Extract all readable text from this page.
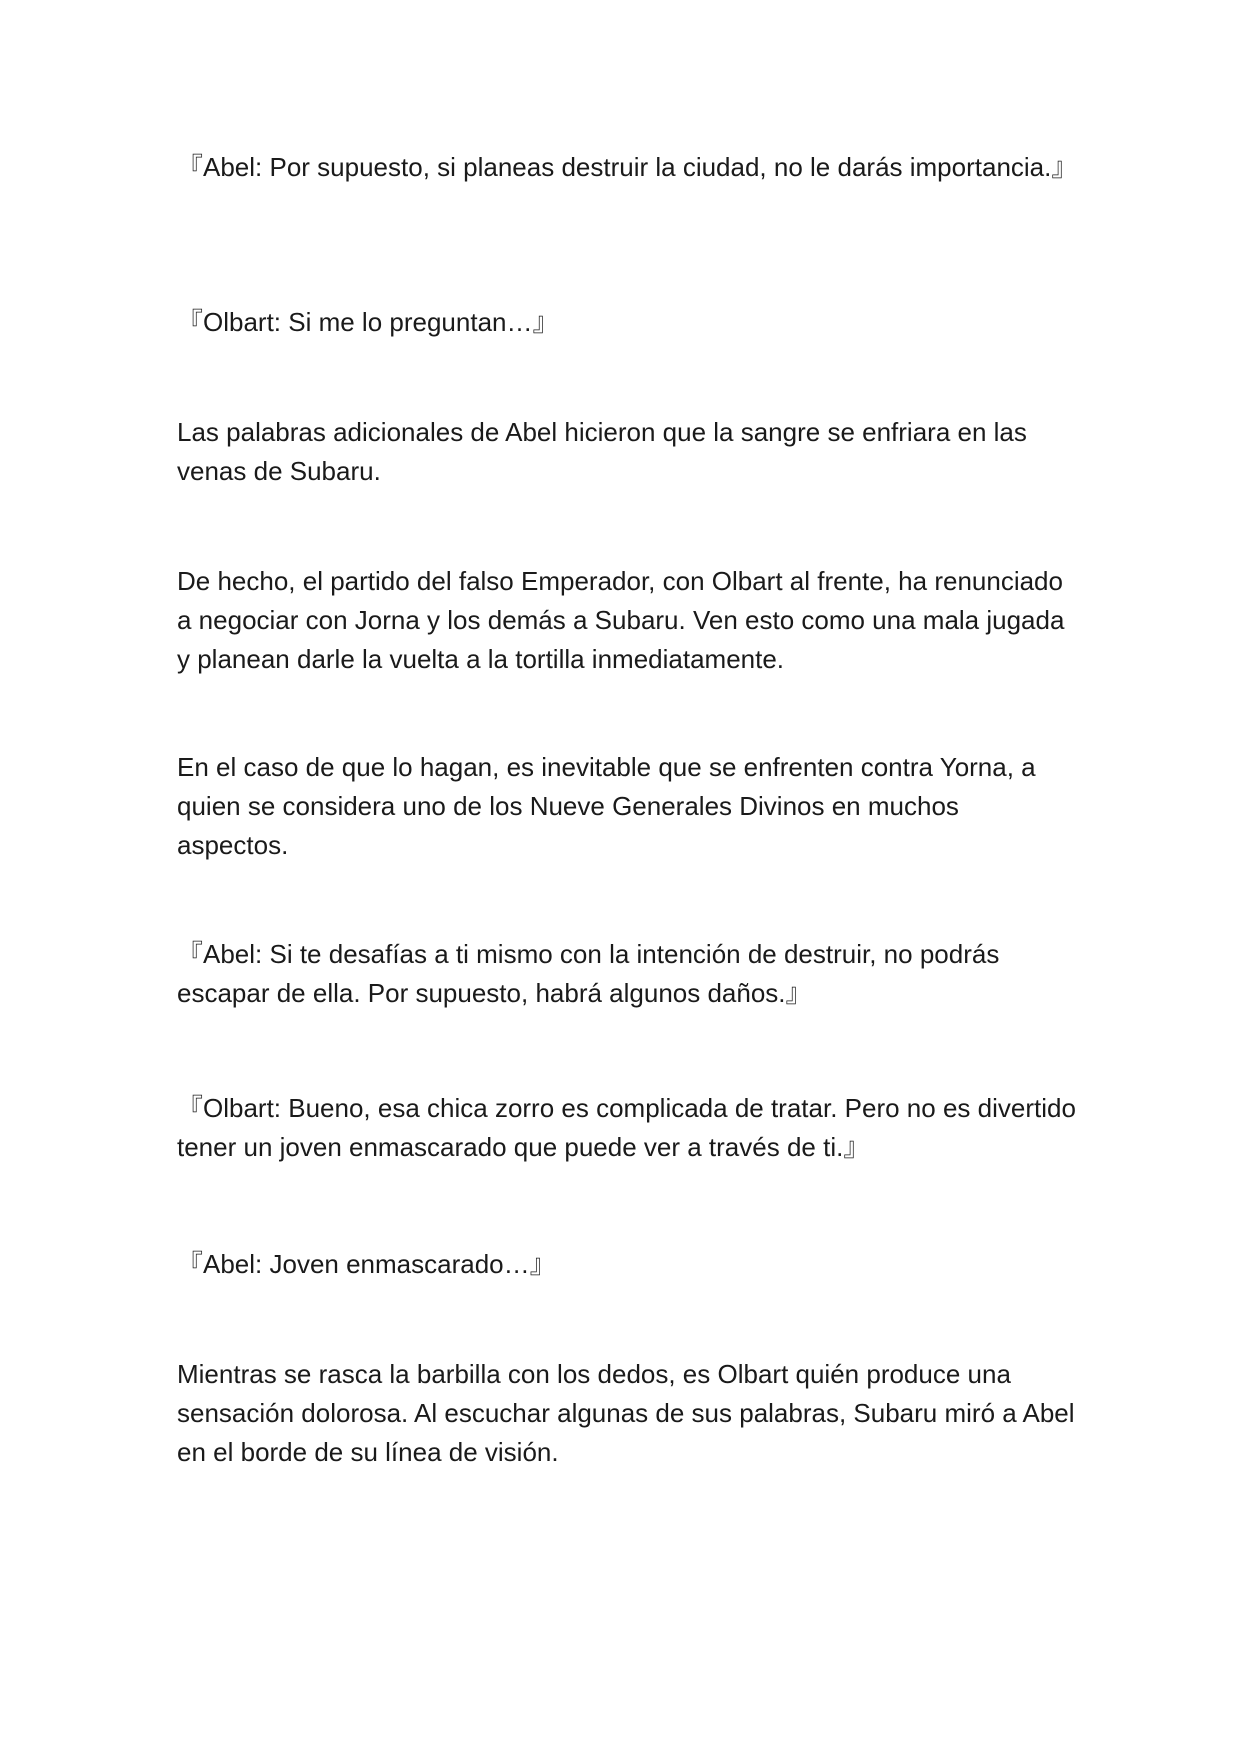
『Abel: Por supuesto, si planeas destruir la ciudad, no le darás importancia.』

『Olbart: Si me lo preguntan…』

Las palabras adicionales de Abel hicieron que la sangre se enfriara en las venas de Subaru.

De hecho, el partido del falso Emperador, con Olbart al frente, ha renunciado a negociar con Jorna y los demás a Subaru. Ven esto como una mala jugada y planean darle la vuelta a la tortilla inmediatamente.

En el caso de que lo hagan, es inevitable que se enfrenten contra Yorna, a quien se considera uno de los Nueve Generales Divinos en muchos aspectos.

『Abel: Si te desafías a ti mismo con la intención de destruir, no podrás escapar de ella. Por supuesto, habrá algunos daños.』

『Olbart: Bueno, esa chica zorro es complicada de tratar. Pero no es divertido tener un joven enmascarado que puede ver a través de ti.』

『Abel: Joven enmascarado…』

Mientras se rasca la barbilla con los dedos, es Olbart quién produce una sensación dolorosa. Al escuchar algunas de sus palabras, Subaru miró a Abel en el borde de su línea de visión.
